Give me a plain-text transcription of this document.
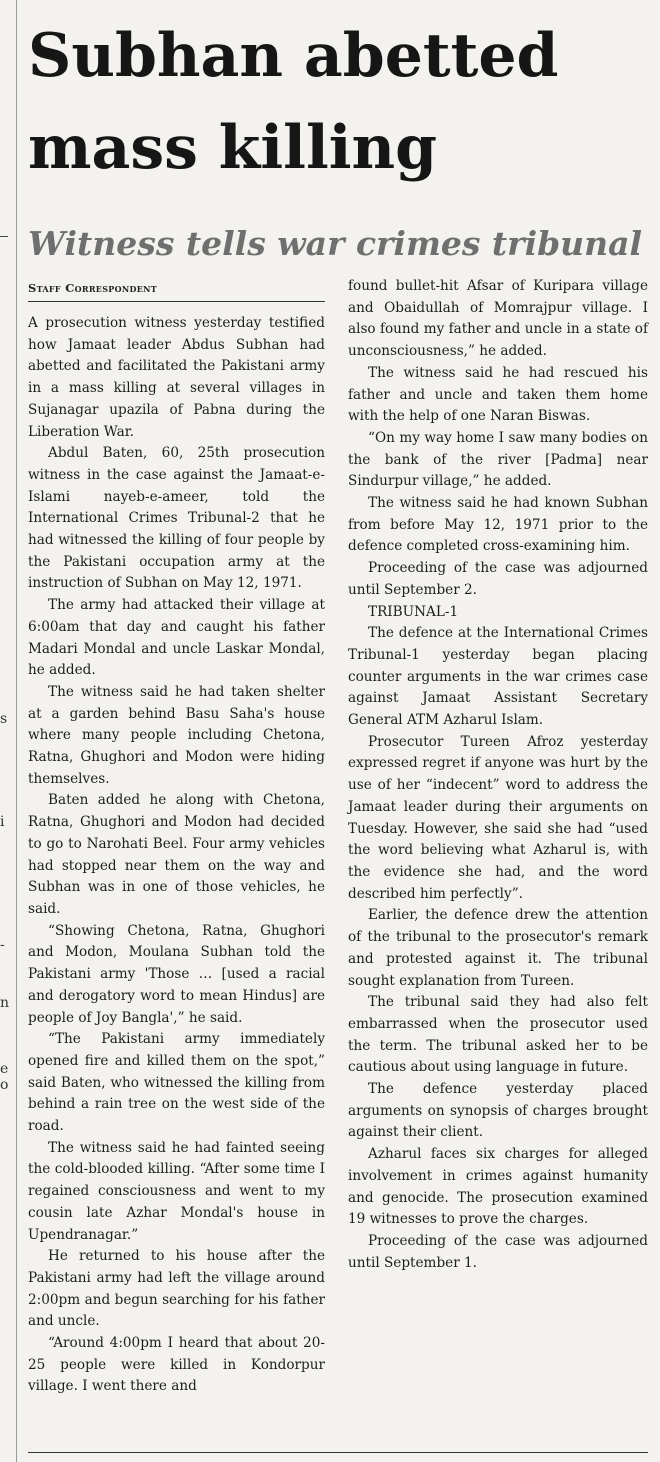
s
i
-
n
e
o
Subhan abetted mass killing
Witness tells war crimes tribunal
Staff Correspondent

A prosecution witness yesterday testified how Jamaat leader Abdus Subhan had abetted and facilitated the Pakistani army in a mass killing at several villages in Sujanagar upazila of Pabna during the Liberation War.

Abdul Baten, 60, 25th prosecution witness in the case against the Jamaat-e-Islami nayeb-e-ameer, told the International Crimes Tribunal-2 that he had witnessed the killing of four people by the Pakistani occupation army at the instruction of Subhan on May 12, 1971.

The army had attacked their village at 6:00am that day and caught his father Madari Mondal and uncle Laskar Mondal, he added.

The witness said he had taken shelter at a garden behind Basu Saha's house where many people including Chetona, Ratna, Ghughori and Modon were hiding themselves.

Baten added he along with Chetona, Ratna, Ghughori and Modon had decided to go to Narohati Beel. Four army vehicles had stopped near them on the way and Subhan was in one of those vehicles, he said.

“Showing Chetona, Ratna, Ghughori and Modon, Moulana Subhan told the Pakistani army 'Those … [used a racial and derogatory word to mean Hindus] are people of Joy Bangla',” he said.

“The Pakistani army immediately opened fire and killed them on the spot,” said Baten, who witnessed the killing from behind a rain tree on the west side of the road.

The witness said he had fainted seeing the cold-blooded killing. “After some time I regained consciousness and went to my cousin late Azhar Mondal's house in Upendranagar.”

He returned to his house after the Pakistani army had left the village around 2:00pm and begun searching for his father and uncle.

“Around 4:00pm I heard that about 20-25 people were killed in Kondorpur village. I went there and

found bullet-hit Afsar of Kuripara village and Obaidullah of Momrajpur village. I also found my father and uncle in a state of unconsciousness,” he added.

The witness said he had rescued his father and uncle and taken them home with the help of one Naran Biswas.

“On my way home I saw many bodies on the bank of the river [Padma] near Sindurpur village,” he added.

The witness said he had known Subhan from before May 12, 1971 prior to the defence completed cross-examining him.

Proceeding of the case was adjourned until September 2.

TRIBUNAL-1

The defence at the International Crimes Tribunal-1 yesterday began placing counter arguments in the war crimes case against Jamaat Assistant Secretary General ATM Azharul Islam.

Prosecutor Tureen Afroz yesterday expressed regret if anyone was hurt by the use of her “indecent” word to address the Jamaat leader during their arguments on Tuesday. However, she said she had “used the word believing what Azharul is, with the evidence she had, and the word described him perfectly”.

Earlier, the defence drew the attention of the tribunal to the prosecutor's remark and protested against it. The tribunal sought explanation from Tureen.

The tribunal said they had also felt embarrassed when the prosecutor used the term. The tribunal asked her to be cautious about using language in future.

The defence yesterday placed arguments on synopsis of charges brought against their client.

Azharul faces six charges for alleged involvement in crimes against humanity and genocide. The prosecution examined 19 witnesses to prove the charges.

Proceeding of the case was adjourned until September 1.
